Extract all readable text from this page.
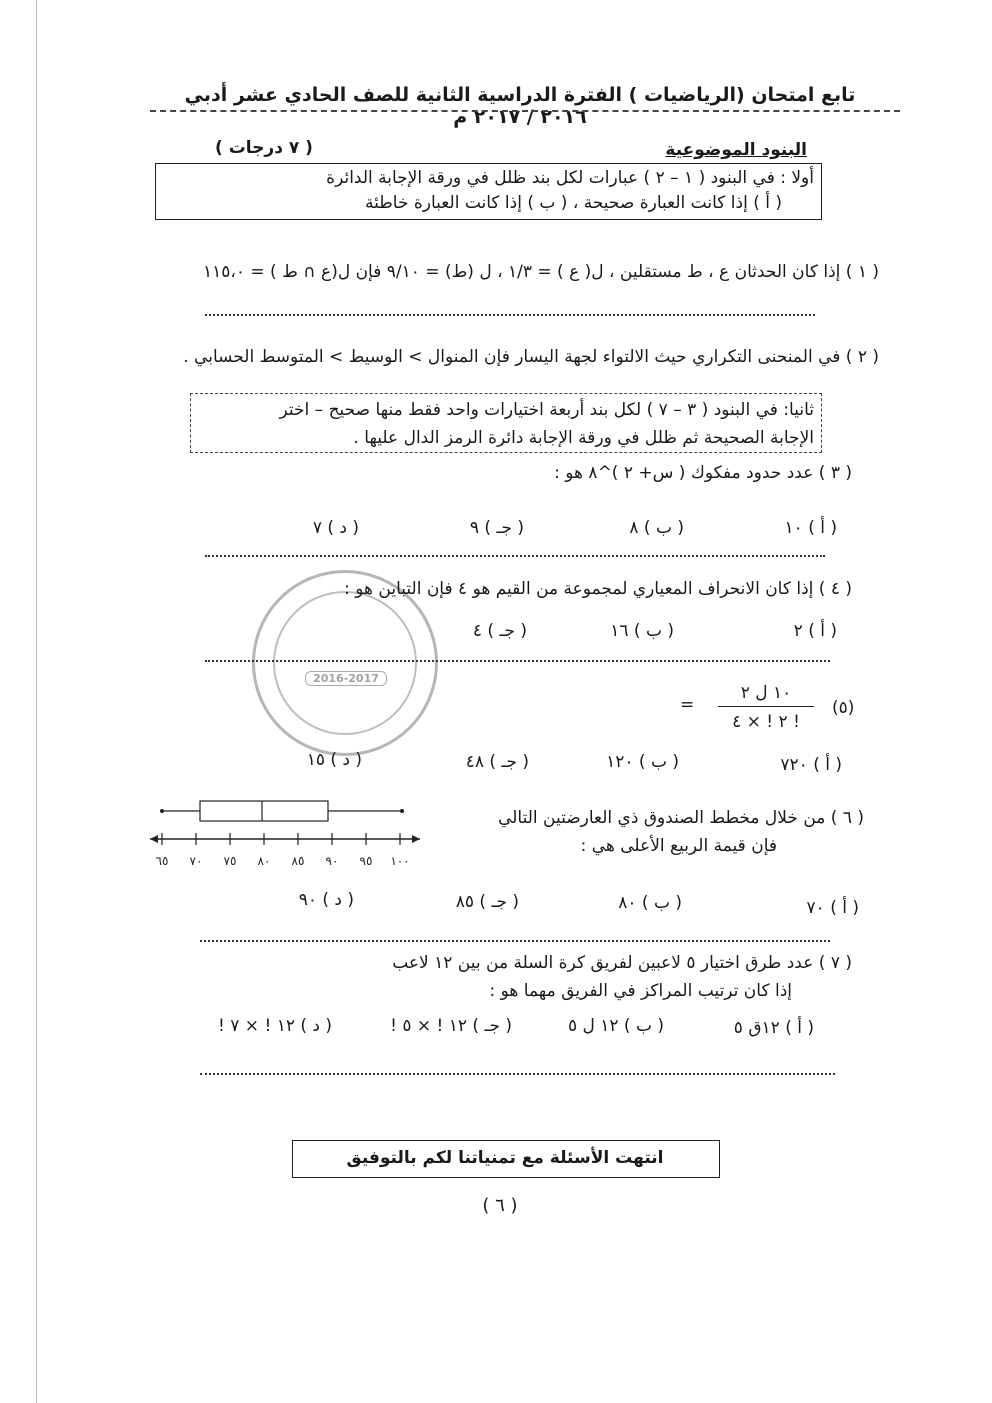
تابع امتحان (الرياضيات ) الفترة الدراسية الثانية للصف الحادي عشر أدبي ٢٠١٦ / ٢٠١٧ م
البنود الموضوعية
( ٧ درجات )
أولا : في البنود ( ١ – ٢ ) عبارات لكل بند ظلل في ورقة الإجابة الدائرة
( أ ) إذا كانت العبارة صحيحة ، ( ب ) إذا كانت العبارة خاطئة
( ١ ) إذا كان الحدثان ع ، ط مستقلين ، ل( ع ) = ١/٣ ، ل (ط) = ٩/١٠ فإن ل(ع ∩ ط ) = ١١٥،٠
( ٢ ) في المنحنى التكراري حيث الالتواء لجهة اليسار فإن المنوال > الوسيط > المتوسط الحسابي .
ثانيا: في البنود ( ٣ – ٧ ) لكل بند أربعة اختيارات واحد فقط منها صحيح – اختر
الإجابة الصحيحة ثم ظلل في ورقة الإجابة دائرة الرمز الدال عليها .
( ٣ ) عدد حدود مفكوك ( س+ ٢ )^٨ هو :
( أ ) ١٠
( ب ) ٨
( جـ ) ٩
( د ) ٧
2016-2017
( ٤ ) إذا كان الانحراف المعياري لمجموعة من القيم هو ٤ فإن التباين هو :
( أ ) ٢
( ب ) ١٦
( جـ ) ٤
(٥)
١٠ ل ٢
٢ ! × ٤ !
=
( أ ) ٧٢٠
( ب ) ١٢٠
( جـ ) ٤٨
( د ) ١٥
( ٦ ) من خلال مخطط الصندوق ذي العارضتين التالي
فإن قيمة الربيع الأعلى هي :
٦٥ ٧٠ ٧٥ ٨٠ ٨٥ ٩٠ ٩٥ ١٠٠
( أ ) ٧٠
( ب ) ٨٠
( جـ ) ٨٥
( د ) ٩٠
( ٧ ) عدد طرق اختيار ٥ لاعبين لفريق كرة السلة من بين ١٢ لاعب
إذا كان ترتيب المراكز في الفريق مهما هو :
( أ ) ١٢ق ٥
( ب ) ١٢ ل ٥
( جـ ) ١٢ ! × ٥ !
( د ) ١٢ ! × ٧ !
انتهت الأسئلة مع تمنياتنا لكم بالتوفيق
( ٦ )
